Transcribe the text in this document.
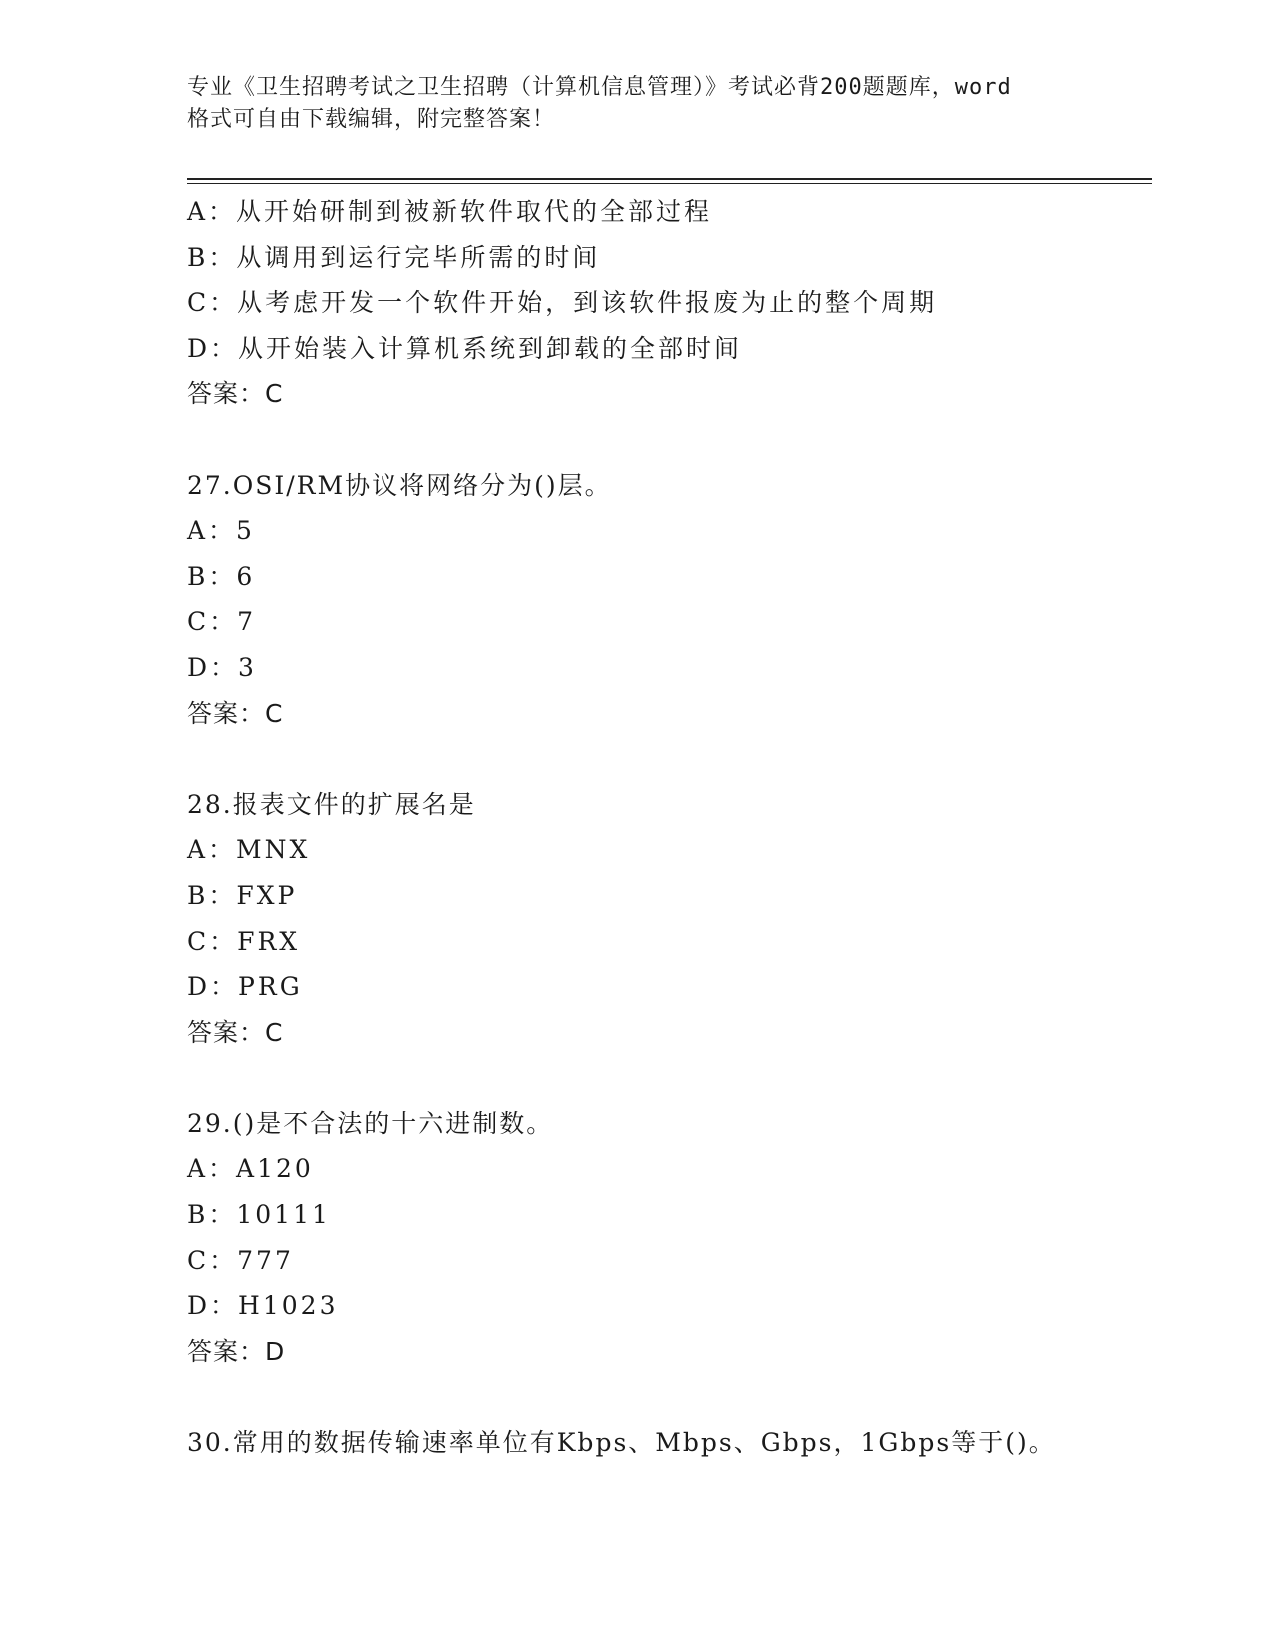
专业《卫生招聘考试之卫生招聘（计算机信息管理）》考试必背200题题库，word
格式可自由下载编辑，附完整答案！
A：从开始研制到被新软件取代的全部过程
B：从调用到运行完毕所需的时间
C：从考虑开发一个软件开始，到该软件报废为止的整个周期
D：从开始装入计算机系统到卸载的全部时间
答案：C
27.OSI/RM协议将网络分为()层。
A：5
B：6
C：7
D：3
答案：C
28.报表文件的扩展名是
A：MNX
B：FXP
C：FRX
D：PRG
答案：C
29.()是不合法的十六进制数。
A：A120
B：10111
C：777
D：H1023
答案：D
30.常用的数据传输速率单位有Kbps、Mbps、Gbps，1Gbps等于()。
